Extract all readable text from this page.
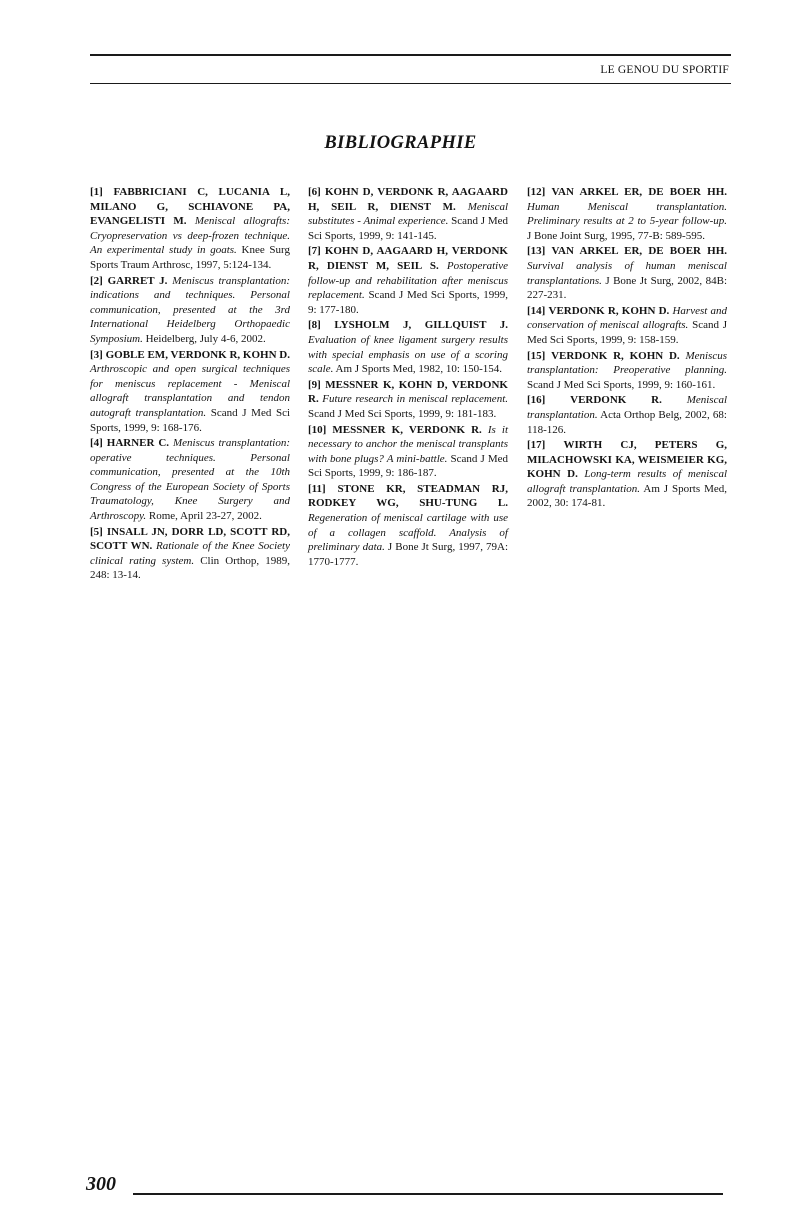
LE GENOU DU SPORTIF
BIBLIOGRAPHIE

[1] FABBRICIANI C, LUCANIA L, MILANO G, SCHIAVONE PA, EVANGELISTI M. Meniscal allografts: Cryopreservation vs deep-frozen technique. An experimental study in goats. Knee Surg Sports Traum Arthrosc, 1997, 5:124-134.

[2] GARRET J. Meniscus transplantation: indications and techniques. Personal communication, presented at the 3rd International Heidelberg Orthopaedic Symposium. Heidelberg, July 4-6, 2002.

[3] GOBLE EM, VERDONK R, KOHN D. Arthroscopic and open surgical techniques for meniscus replacement - Meniscal allograft transplantation and tendon autograft transplantation. Scand J Med Sci Sports, 1999, 9: 168-176.

[4] HARNER C. Meniscus transplantation: operative techniques. Personal communication, presented at the 10th Congress of the European Society of Sports Traumatology, Knee Surgery and Arthroscopy. Rome, April 23-27, 2002.

[5] INSALL JN, DORR LD, SCOTT RD, SCOTT WN. Rationale of the Knee Society clinical rating system. Clin Orthop, 1989, 248: 13-14.

[6] KOHN D, VERDONK R, AAGAARD H, SEIL R, DIENST M. Meniscal substitutes - Animal experience. Scand J Med Sci Sports, 1999, 9: 141-145.

[7] KOHN D, AAGAARD H, VERDONK R, DIENST M, SEIL S. Postoperative follow-up and rehabilitation after meniscus replacement. Scand J Med Sci Sports, 1999, 9: 177-180.

[8] LYSHOLM J, GILLQUIST J. Evaluation of knee ligament surgery results with special emphasis on use of a scoring scale. Am J Sports Med, 1982, 10: 150-154.

[9] MESSNER K, KOHN D, VERDONK R. Future research in meniscal replacement. Scand J Med Sci Sports, 1999, 9: 181-183.

[10] MESSNER K, VERDONK R. Is it necessary to anchor the meniscal transplants with bone plugs? A mini-battle. Scand J Med Sci Sports, 1999, 9: 186-187.

[11] STONE KR, STEADMAN RJ, RODKEY WG, SHU-TUNG L. Regeneration of meniscal cartilage with use of a collagen scaffold. Analysis of preliminary data. J Bone Jt Surg, 1997, 79A: 1770-1777.

[12] VAN ARKEL ER, DE BOER HH. Human Meniscal transplantation. Preliminary results at 2 to 5-year follow-up. J Bone Joint Surg, 1995, 77-B: 589-595.

[13] VAN ARKEL ER, DE BOER HH. Survival analysis of human meniscal transplantations. J Bone Jt Surg, 2002, 84B: 227-231.

[14] VERDONK R, KOHN D. Harvest and conservation of meniscal allografts. Scand J Med Sci Sports, 1999, 9: 158-159.

[15] VERDONK R, KOHN D. Meniscus transplantation: Preoperative planning. Scand J Med Sci Sports, 1999, 9: 160-161.

[16] VERDONK R. Meniscal transplantation. Acta Orthop Belg, 2002, 68: 118-126.

[17] WIRTH CJ, PETERS G, MILACHOWSKI KA, WEISMEIER KG, KOHN D. Long-term results of meniscal allograft transplantation. Am J Sports Med, 2002, 30: 174-81.

300
